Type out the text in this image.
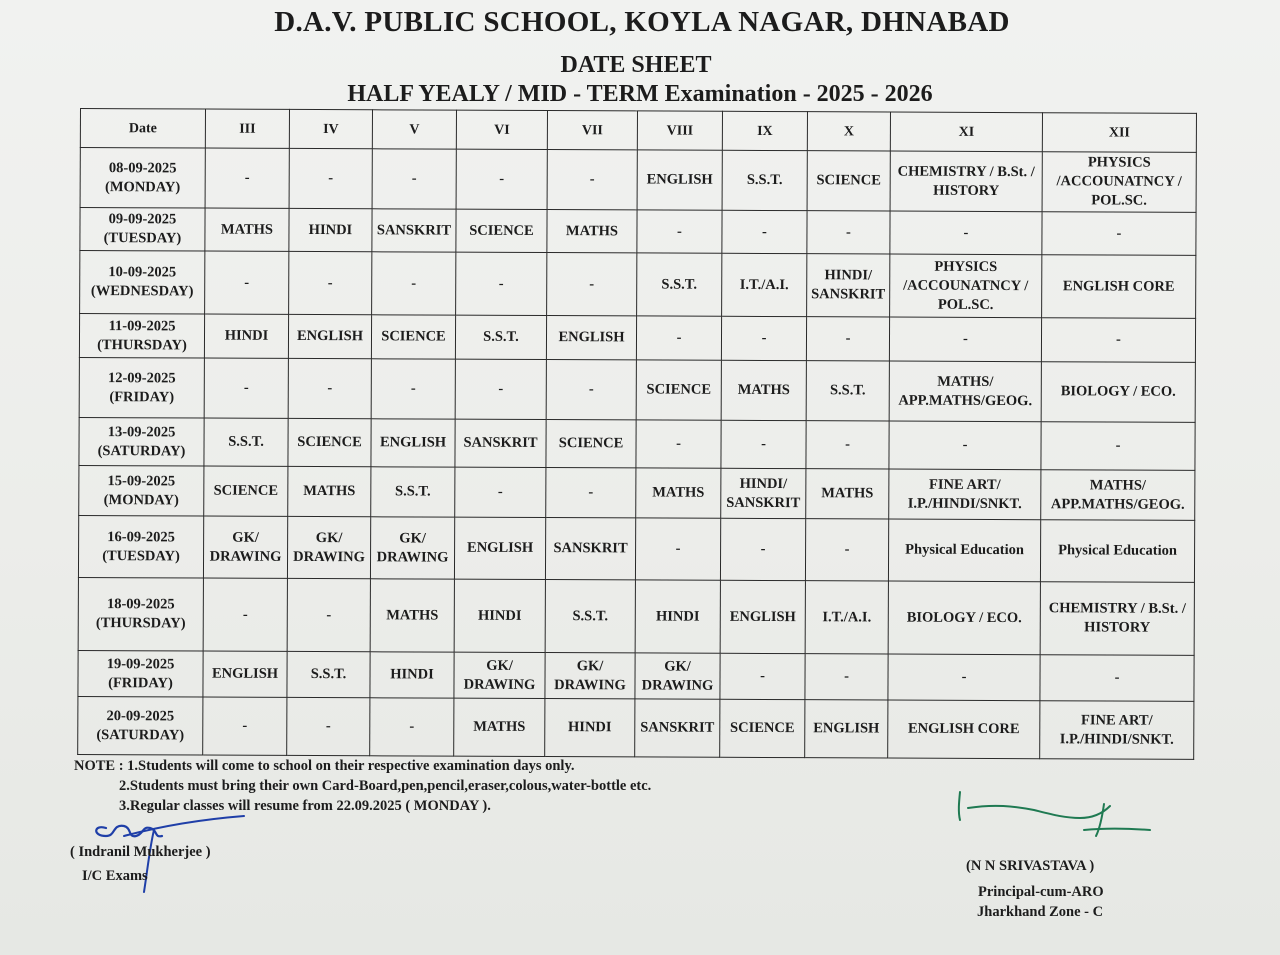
D.A.V. PUBLIC SCHOOL, KOYLA NAGAR, DHNABAD
DATE SHEET
HALF YEALY / MID - TERM Examination - 2025 - 2026
Date	III	IV	V	VI	VII	VIII	IX	X	XI	XII

08-09-2025
(MONDAY)	-	-	-	-	-	ENGLISH	S.S.T.	SCIENCE	CHEMISTRY / B.St. / HISTORY	PHYSICS /ACCOUNATNCY / POL.SC.

09-09-2025
(TUESDAY)	MATHS	HINDI	SANSKRIT	SCIENCE	MATHS	-	-	-	-	-

10-09-2025
(WEDNESDAY)	-	-	-	-	-	S.S.T.	I.T./A.I.	HINDI/ SANSKRIT	PHYSICS /ACCOUNATNCY / POL.SC.	ENGLISH CORE

11-09-2025
(THURSDAY)	HINDI	ENGLISH	SCIENCE	S.S.T.	ENGLISH	-	-	-	-	-

12-09-2025
(FRIDAY)	-	-	-	-	-	SCIENCE	MATHS	S.S.T.	MATHS/ APP.MATHS/GEOG.	BIOLOGY / ECO.

13-09-2025
(SATURDAY)	S.S.T.	SCIENCE	ENGLISH	SANSKRIT	SCIENCE	-	-	-	-	-

15-09-2025
(MONDAY)	SCIENCE	MATHS	S.S.T.	-	-	MATHS	HINDI/ SANSKRIT	MATHS	FINE ART/ I.P./HINDI/SNKT.	MATHS/ APP.MATHS/GEOG.

16-09-2025
(TUESDAY)	GK/ DRAWING	GK/ DRAWING	GK/ DRAWING	ENGLISH	SANSKRIT	-	-	-	Physical Education	Physical Education

18-09-2025
(THURSDAY)	-	-	MATHS	HINDI	S.S.T.	HINDI	ENGLISH	I.T./A.I.	BIOLOGY / ECO.	CHEMISTRY / B.St. / HISTORY

19-09-2025
(FRIDAY)	ENGLISH	S.S.T.	HINDI	GK/ DRAWING	GK/ DRAWING	GK/ DRAWING	-	-	-	-

20-09-2025
(SATURDAY)	-	-	-	MATHS	HINDI	SANSKRIT	SCIENCE	ENGLISH	ENGLISH CORE	FINE ART/ I.P./HINDI/SNKT.
NOTE : 1.Students will come to school on their respective examination days only.
2.Students must bring their own Card-Board,pen,pencil,eraser,colous,water-bottle etc.
3.Regular classes will resume from 22.09.2025 ( MONDAY ).
( Indranil Mukherjee )
I/C Exams
(N N SRIVASTAVA )
Principal-cum-ARO
Jharkhand Zone - C
